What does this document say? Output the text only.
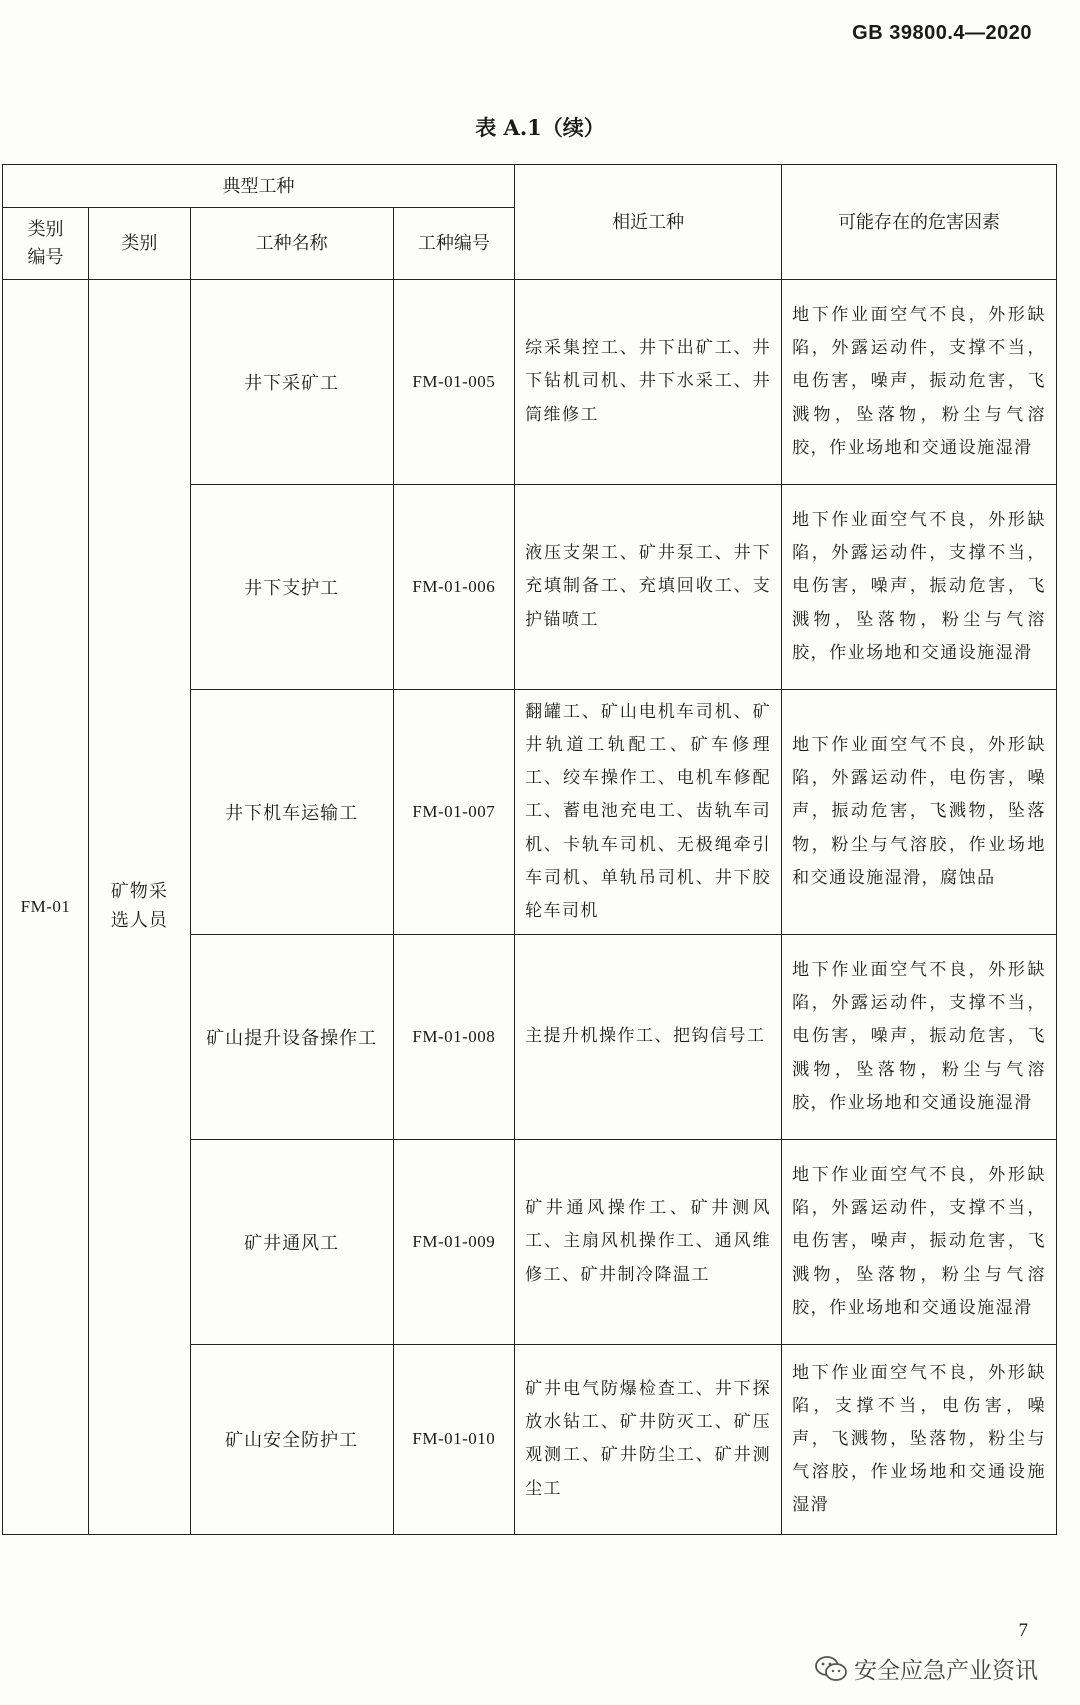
GB 39800.4—2020
表 A.1（续）
典型工种				相近工种	可能存在的危害因素
类别编号	类别	工种名称	工种编号		
FM-01	矿物采选人员	井下采矿工	FM-01-005	综采集控工、井下出矿工、井下钻机司机、井下水采工、井筒维修工	地下作业面空气不良，外形缺陷，外露运动件，支撑不当，电伤害，噪声，振动危害，飞溅物，坠落物，粉尘与气溶胶，作业场地和交通设施湿滑
		井下支护工	FM-01-006	液压支架工、矿井泵工、井下充填制备工、充填回收工、支护锚喷工	地下作业面空气不良，外形缺陷，外露运动件，支撑不当，电伤害，噪声，振动危害，飞溅物，坠落物，粉尘与气溶胶，作业场地和交通设施湿滑
		井下机车运输工	FM-01-007	翻罐工、矿山电机车司机、矿井轨道工轨配工、矿车修理工、绞车操作工、电机车修配工、蓄电池充电工、齿轨车司机、卡轨车司机、无极绳牵引车司机、单轨吊司机、井下胶轮车司机	地下作业面空气不良，外形缺陷，外露运动件，电伤害，噪声，振动危害，飞溅物，坠落物，粉尘与气溶胶，作业场地和交通设施湿滑，腐蚀品
		矿山提升设备操作工	FM-01-008	主提升机操作工、把钩信号工	地下作业面空气不良，外形缺陷，外露运动件，支撑不当，电伤害，噪声，振动危害，飞溅物，坠落物，粉尘与气溶胶，作业场地和交通设施湿滑
		矿井通风工	FM-01-009	矿井通风操作工、矿井测风工、主扇风机操作工、通风维修工、矿井制冷降温工	地下作业面空气不良，外形缺陷，外露运动件，支撑不当，电伤害，噪声，振动危害，飞溅物，坠落物，粉尘与气溶胶，作业场地和交通设施湿滑
		矿山安全防护工	FM-01-010	矿井电气防爆检查工、井下探放水钻工、矿井防灭工、矿压观测工、矿井防尘工、矿井测尘工	地下作业面空气不良，外形缺陷，支撑不当，电伤害，噪声，飞溅物，坠落物，粉尘与气溶胶，作业场地和交通设施湿滑
7
安全应急产业资讯
